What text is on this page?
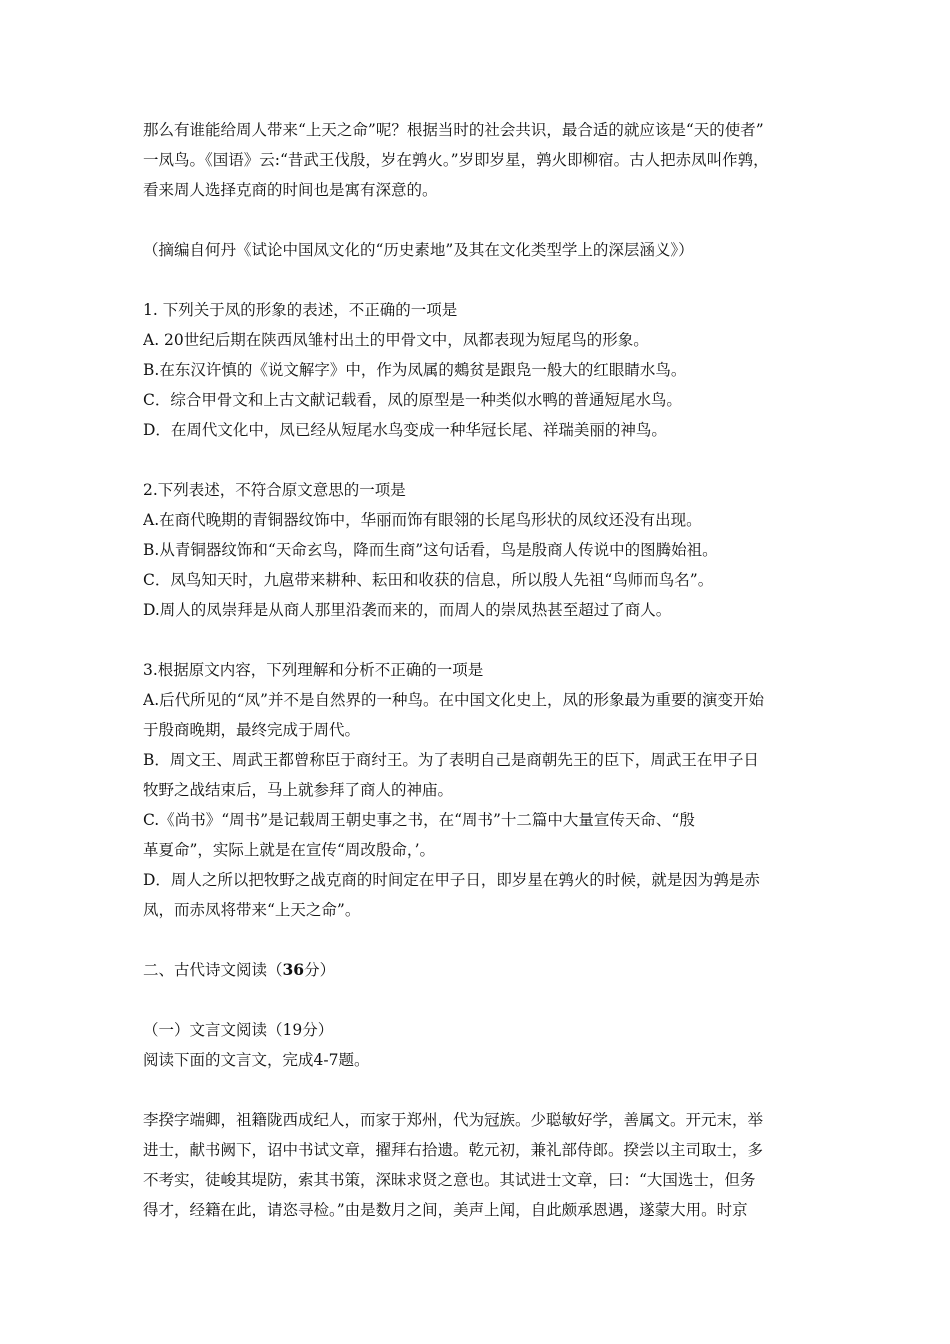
那么有谁能给周人带来“上天之命”呢？根据当时的社会共识，最合适的就应该是“天的使者”
一凤鸟。《国语》云:“昔武王伐殷，岁在鹑火。”岁即岁星，鹑火即柳宿。古人把赤凤叫作鹑，
看来周人选择克商的时间也是寓有深意的。
（摘编自何丹《试论中国凤文化的“历史素地”及其在文化类型学上的深层涵义》）
1. 下列关于凤的形象的表述，不正确的一项是
A. 20世纪后期在陕西凤雏村出土的甲骨文中，凤都表现为短尾鸟的形象。
B.在东汉许慎的《说文解字》中，作为凤属的鷞贫是跟凫一般大的红眼睛水鸟。
C．综合甲骨文和上古文献记载看，凤的原型是一种类似水鸭的普通短尾水鸟。
D．在周代文化中，凤已经从短尾水鸟变成一种华冠长尾、祥瑞美丽的神鸟。
2.下列表述，不符合原文意思的一项是
A.在商代晚期的青铜器纹饰中，华丽而饰有眼翎的长尾鸟形状的凤纹还没有出现。
B.从青铜器纹饰和“天命玄鸟，降而生商”这句话看，鸟是殷商人传说中的图腾始祖。
C．凤鸟知天时，九扈带来耕种、耘田和收获的信息，所以殷人先祖“鸟师而鸟名”。
D.周人的凤崇拜是从商人那里沿袭而来的，而周人的崇凤热甚至超过了商人。
3.根据原文内容，下列理解和分析不正确的一项是
A.后代所见的“凤”并不是自然界的一种鸟。在中国文化史上，凤的形象最为重要的演变开始
于殷商晚期，最终完成于周代。
B．周文王、周武王都曾称臣于商纣王。为了表明自己是商朝先王的臣下，周武王在甲子日
牧野之战结束后，马上就参拜了商人的神庙。
C.《尚书》“周书”是记载周王朝史事之书，在“周书”十二篇中大量宣传天命、“殷
革夏命”，实际上就是在宣传“周改殷命，’。
D．周人之所以把牧野之战克商的时间定在甲子日，即岁星在鹑火的时候，就是因为鹑是赤
凤，而赤凤将带来“上天之命”。
二、古代诗文阅读（36分）
（一）文言文阅读（19分）
阅读下面的文言文，完成4-7题。
李揆字端卿，祖籍陇西成纪人，而家于郑州，代为冠族。少聪敏好学，善属文。开元末，举
进士，献书阙下，诏中书试文章，擢拜右拾遗。乾元初，兼礼部侍郎。揆尝以主司取士，多
不考实，徒峻其堤防，索其书策，深昧求贤之意也。其试进士文章，曰：“大国选士，但务
得才，经籍在此，请恣寻检。”由是数月之间，美声上闻，自此颇承恩遇，遂蒙大用。时京
